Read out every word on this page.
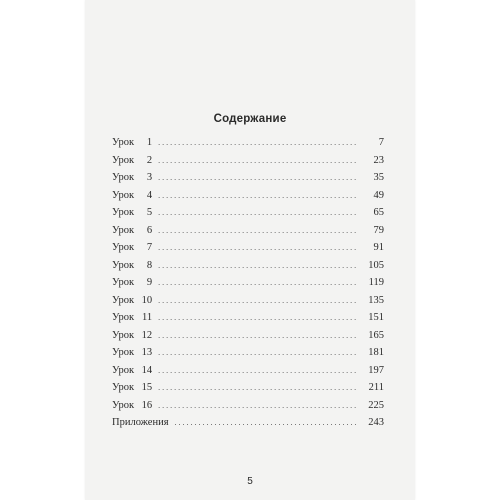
Содержание
Урок 1 . . .	7
Урок 2 . . .	23
Урок 3 . . .	35
Урок 4 . . .	49
Урок 5 . . .	65
Урок 6 . . .	79
Урок 7 . . .	91
Урок 8 . . .	105
Урок 9 . . .	119
Урок 10 . . .	135
Урок 11 . . .	151
Урок 12 . . .	165
Урок 13 . . .	181
Урок 14 . . .	197
Урок 15 . . .	211
Урок 16 . . .	225
Приложения . . .	243
5
